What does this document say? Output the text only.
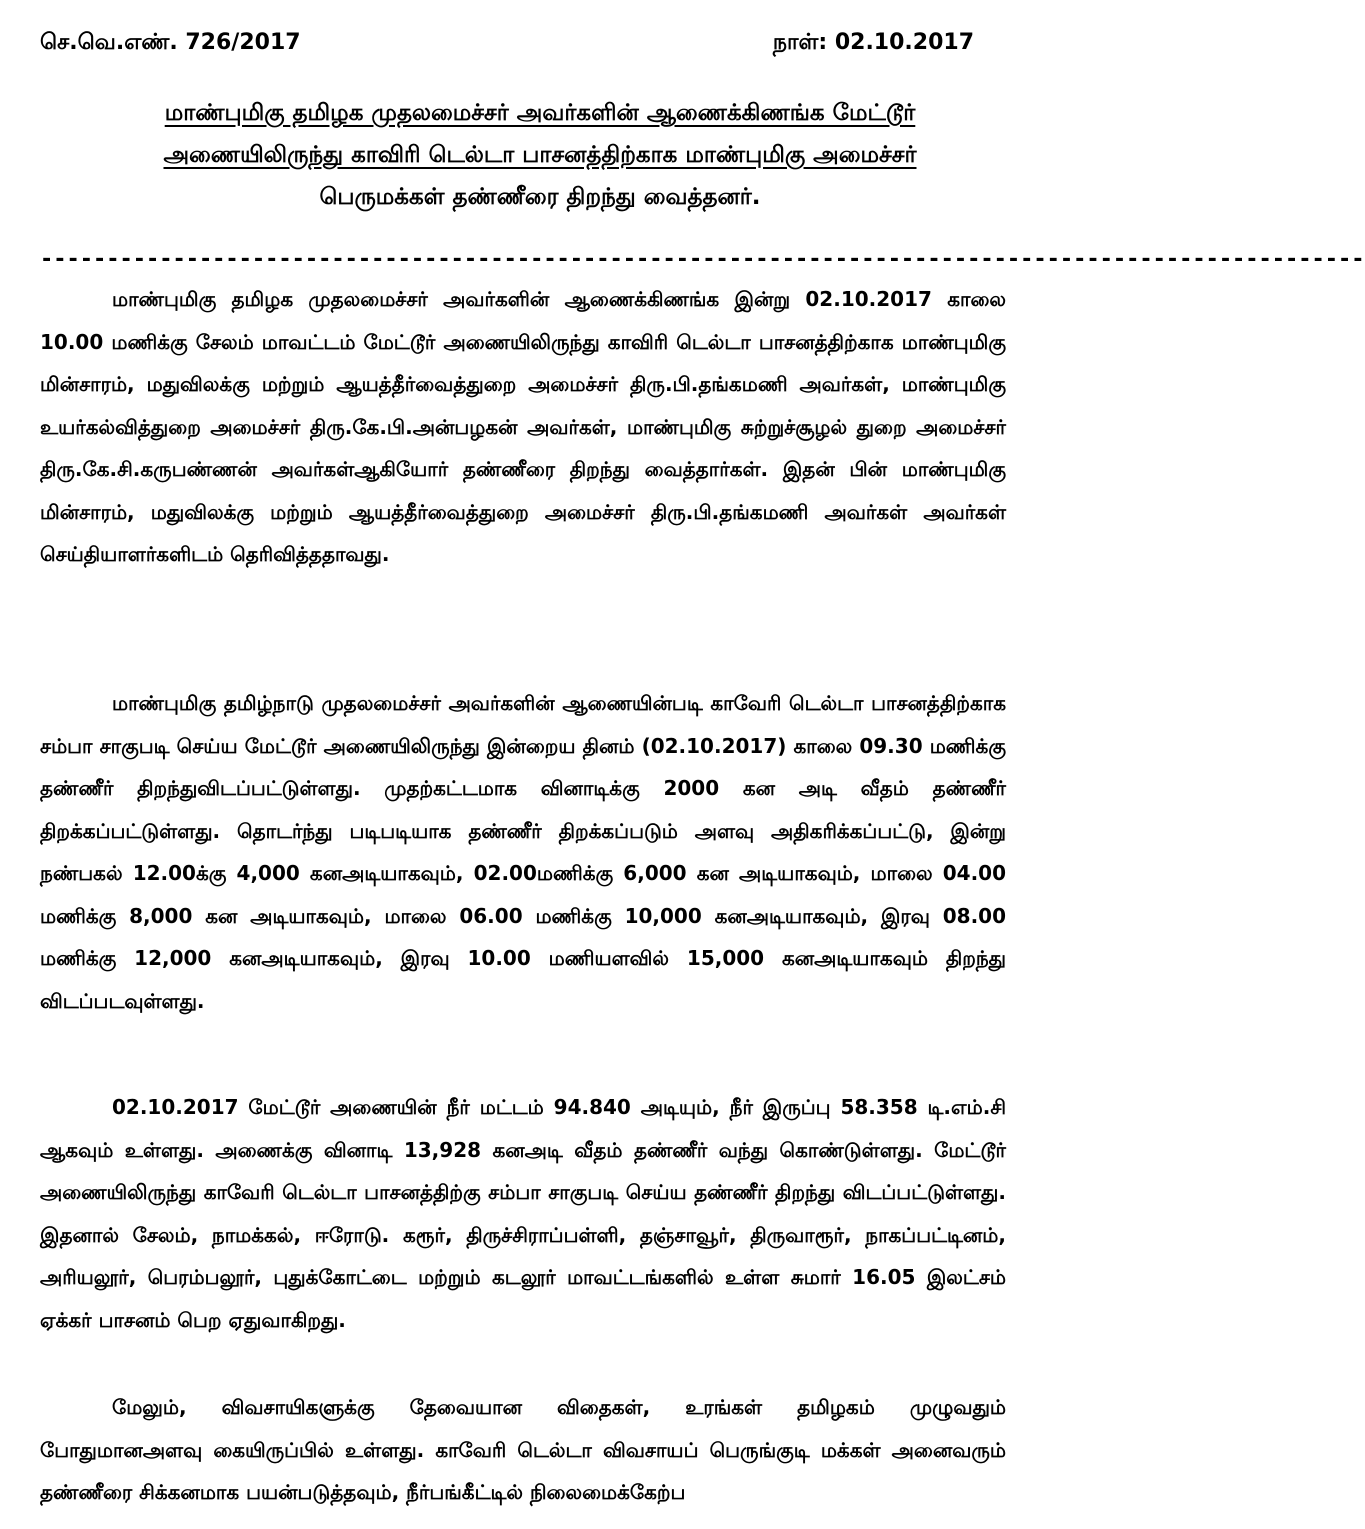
செ.வெ.எண். 726/2017	நாள்: 02.10.2017
மாண்புமிகு தமிழக முதலமைச்சர் அவர்களின் ஆணைக்கிணங்க மேட்டூர்
அணையிலிருந்து காவிரி டெல்டா பாசனத்திற்காக மாண்புமிகு அமைச்சர்
பெருமக்கள் தண்ணீரை திறந்து வைத்தனர்.
----------------------------------------------------------------------------------------------------

மாண்புமிகு தமிழக முதலமைச்சர் அவர்களின் ஆணைக்கிணங்க இன்று 02.10.2017 காலை 10.00 மணிக்கு சேலம் மாவட்டம் மேட்டூர் அணையிலிருந்து காவிரி டெல்டா பாசனத்திற்காக மாண்புமிகு மின்சாரம், மதுவிலக்கு மற்றும் ஆயத்தீர்வைத்துறை அமைச்சர் திரு.பி.தங்கமணி அவர்கள், மாண்புமிகு உயர்கல்வித்துறை அமைச்சர் திரு.கே.பி.அன்பழகன் அவர்கள், மாண்புமிகு சுற்றுச்சூழல் துறை அமைச்சர் திரு.கே.சி.கருபண்ணன் அவர்கள்ஆகியோர் தண்ணீரை திறந்து வைத்தார்கள். இதன் பின் மாண்புமிகு மின்சாரம், மதுவிலக்கு மற்றும் ஆயத்தீர்வைத்துறை அமைச்சர் திரு.பி.தங்கமணி அவர்கள் அவர்கள் செய்தியாளர்களிடம் தெரிவித்ததாவது.

மாண்புமிகு தமிழ்நாடு முதலமைச்சர் அவர்களின் ஆணையின்படி காவேரி டெல்டா பாசனத்திற்காக சம்பா சாகுபடி செய்ய மேட்டூர் அணையிலிருந்து இன்றைய தினம் (02.10.2017) காலை 09.30 மணிக்கு தண்ணீர் திறந்துவிடப்பட்டுள்ளது. முதற்கட்டமாக வினாடிக்கு 2000 கன அடி வீதம் தண்ணீர் திறக்கப்பட்டுள்ளது. தொடர்ந்து படிபடியாக தண்ணீர் திறக்கப்படும் அளவு அதிகரிக்கப்பட்டு, இன்று நண்பகல் 12.00க்கு 4,000 கனஅடியாகவும், 02.00மணிக்கு 6,000 கன அடியாகவும், மாலை 04.00 மணிக்கு 8,000 கன அடியாகவும், மாலை 06.00 மணிக்கு 10,000 கனஅடியாகவும், இரவு 08.00 மணிக்கு 12,000 கனஅடியாகவும், இரவு 10.00 மணியளவில் 15,000 கனஅடியாகவும் திறந்து விடப்படவுள்ளது.

02.10.2017 மேட்டூர் அணையின் நீர் மட்டம் 94.840 அடியும், நீர் இருப்பு 58.358 டி.எம்.சி ஆகவும் உள்ளது. அணைக்கு வினாடி 13,928 கனஅடி வீதம் தண்ணீர் வந்து கொண்டுள்ளது. மேட்டூர் அணையிலிருந்து காவேரி டெல்டா பாசனத்திற்கு சம்பா சாகுபடி செய்ய தண்ணீர் திறந்து விடப்பட்டுள்ளது. இதனால் சேலம், நாமக்கல், ஈரோடு. கரூர், திருச்சிராப்பள்ளி, தஞ்சாவூர், திருவாரூர், நாகப்பட்டினம், அரியலூர், பெரம்பலூர், புதுக்கோட்டை மற்றும் கடலூர் மாவட்டங்களில் உள்ள சுமார் 16.05 இலட்சம் ஏக்கர் பாசனம் பெற ஏதுவாகிறது.

மேலும், விவசாயிகளுக்கு தேவையான விதைகள், உரங்கள் தமிழகம் முழுவதும் போதுமானஅளவு கையிருப்பில் உள்ளது. காவேரி டெல்டா விவசாயப் பெருங்குடி மக்கள் அனைவரும் தண்ணீரை சிக்கனமாக பயன்படுத்தவும், நீர்பங்கீட்டில் நிலைமைக்கேற்ப
